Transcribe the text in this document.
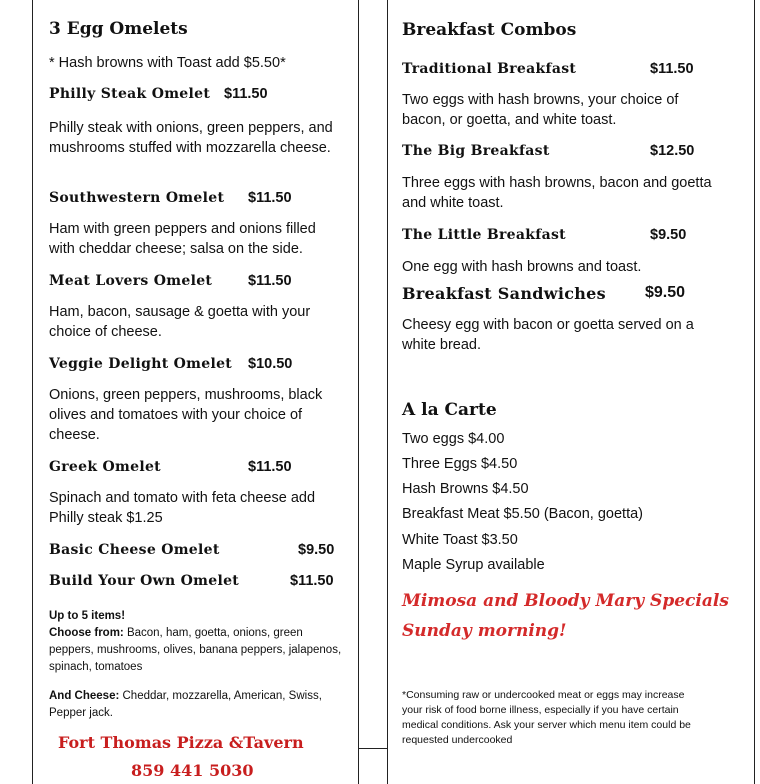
3 Egg Omelets
* Hash browns with Toast add $5.50*
Philly Steak Omelet $11.50
Philly steak with onions, green peppers, and mushrooms stuffed with mozzarella cheese.
Southwestern Omelet $11.50
Ham with green peppers and onions filled with cheddar cheese; salsa on the side.
Meat Lovers Omelet $11.50
Ham, bacon, sausage & goetta with your choice of cheese.
Veggie Delight Omelet $10.50
Onions, green peppers, mushrooms, black olives and tomatoes with your choice of cheese.
Greek Omelet	$11.50
Spinach and tomato with feta cheese add Philly steak $1.25
Basic Cheese Omelet	$9.50
Build Your Own Omelet	$11.50
Up to 5 items!
Choose from: Bacon, ham, goetta, onions, green peppers, mushrooms, olives, banana peppers, jalapenos, spinach, tomatoes
And Cheese: Cheddar, mozzarella, American, Swiss, Pepper jack.
Fort Thomas Pizza &Tavern
859 441 5030
Breakfast Combos
Traditional Breakfast	$11.50
Two eggs with hash browns, your choice of bacon, or goetta, and white toast.
The Big Breakfast	$12.50
Three eggs with hash browns, bacon and goetta and white toast.
The Little Breakfast	$9.50
One egg with hash browns and toast.
Breakfast Sandwiches $9.50
Cheesy egg with bacon or goetta served on a white bread.
A la Carte
Two eggs $4.00
Three Eggs $4.50
Hash Browns $4.50
Breakfast Meat $5.50 (Bacon, goetta)
White Toast $3.50
Maple Syrup available
Mimosa and Bloody Mary Specials
Sunday morning!
*Consuming raw or undercooked meat or eggs may increase your risk of food borne illness, especially if you have certain medical conditions. Ask your server which menu item could be requested undercooked
